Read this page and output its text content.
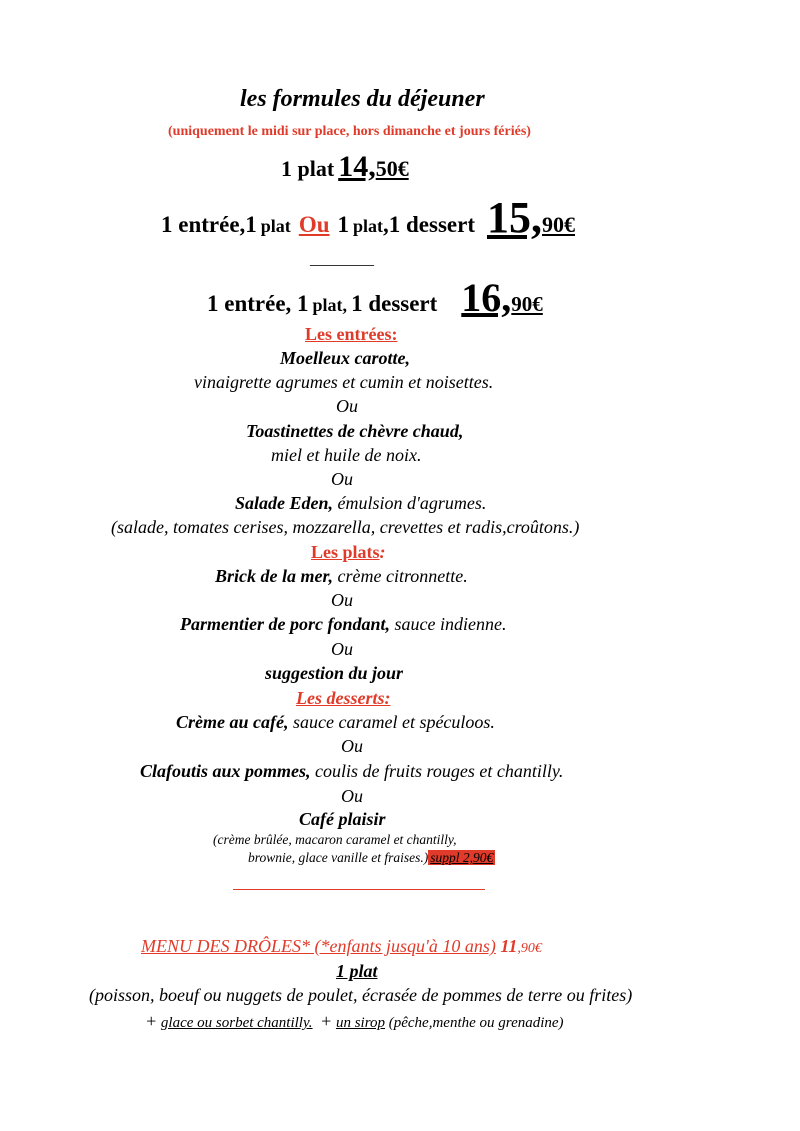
les formules du déjeuner
(uniquement le midi sur place, hors dimanche et jours fériés)
1 plat 14,50€
1 entrée,1 plat Ou 1 plat,1 dessert 15,90€
________
1 entrée, 1 plat, 1 dessert 16,90€
Les entrées:
Moelleux carotte,
vinaigrette agrumes et cumin et noisettes.
Ou
Toastinettes de chèvre chaud,
miel et huile de noix.
Ou
Salade Eden, émulsion d'agrumes.
(salade, tomates cerises, mozzarella, crevettes et radis,croûtons.)
Les plats:
Brick de la mer, crème citronnette.
Ou
Parmentier de porc fondant, sauce indienne.
Ou
suggestion du jour
Les desserts:
Crème au café, sauce caramel et spéculoos.
Ou
Clafoutis aux pommes, coulis de fruits rouges et chantilly.
Ou
Café plaisir
(crème brûlée, macaron caramel et chantilly,
brownie, glace vanille et fraises.) suppl 2,90€
MENU DES DRÔLES* (*enfants jusqu'à 10 ans) 11,90€
1 plat
(poisson, boeuf ou nuggets de poulet, écrasée de pommes de terre ou frites)
+ glace ou sorbet chantilly. + un sirop (pêche,menthe ou grenadine)
